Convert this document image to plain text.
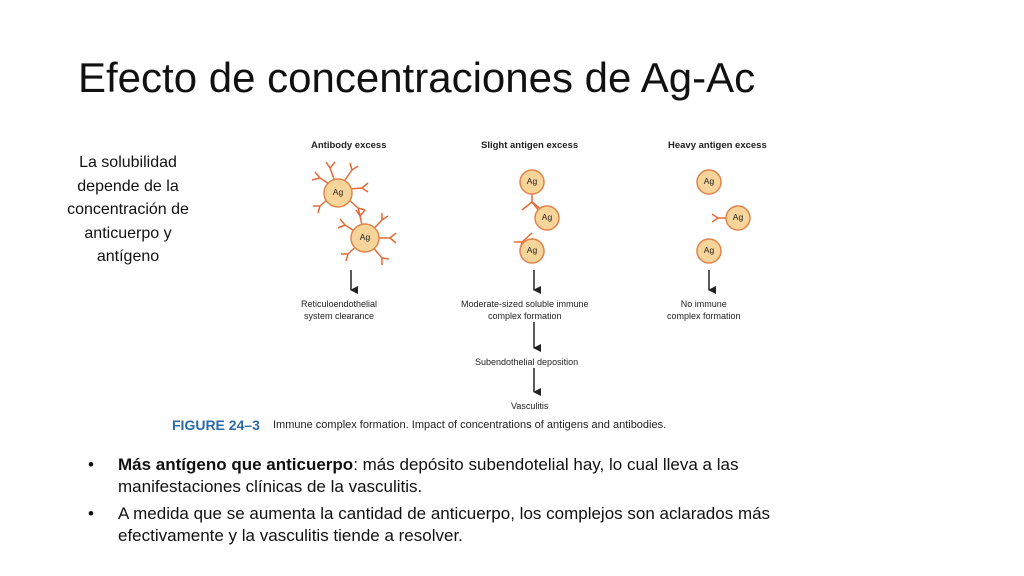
Efecto de concentraciones de Ag-Ac
La solubilidad depende de la concentración de anticuerpo y antígeno
Antibody excess	Slight antigen excess	Heavy antigen excess
Ag
Ag
Ag
Ag
Ag
Ag
Ag
Ag
Reticuloendothelial
system clearance
Moderate-sized soluble immune
complex formation
No immune
complex formation
Subendothelial deposition
Vasculitis
FIGURE 24–3 Immune complex formation. Impact of concentrations of antigens and antibodies.
• Más antígeno que anticuerpo: más depósito subendotelial hay, lo cual lleva a las manifestaciones clínicas de la vasculitis.
• A medida que se aumenta la cantidad de anticuerpo, los complejos son aclarados más efectivamente y la vasculitis tiende a resolver.
